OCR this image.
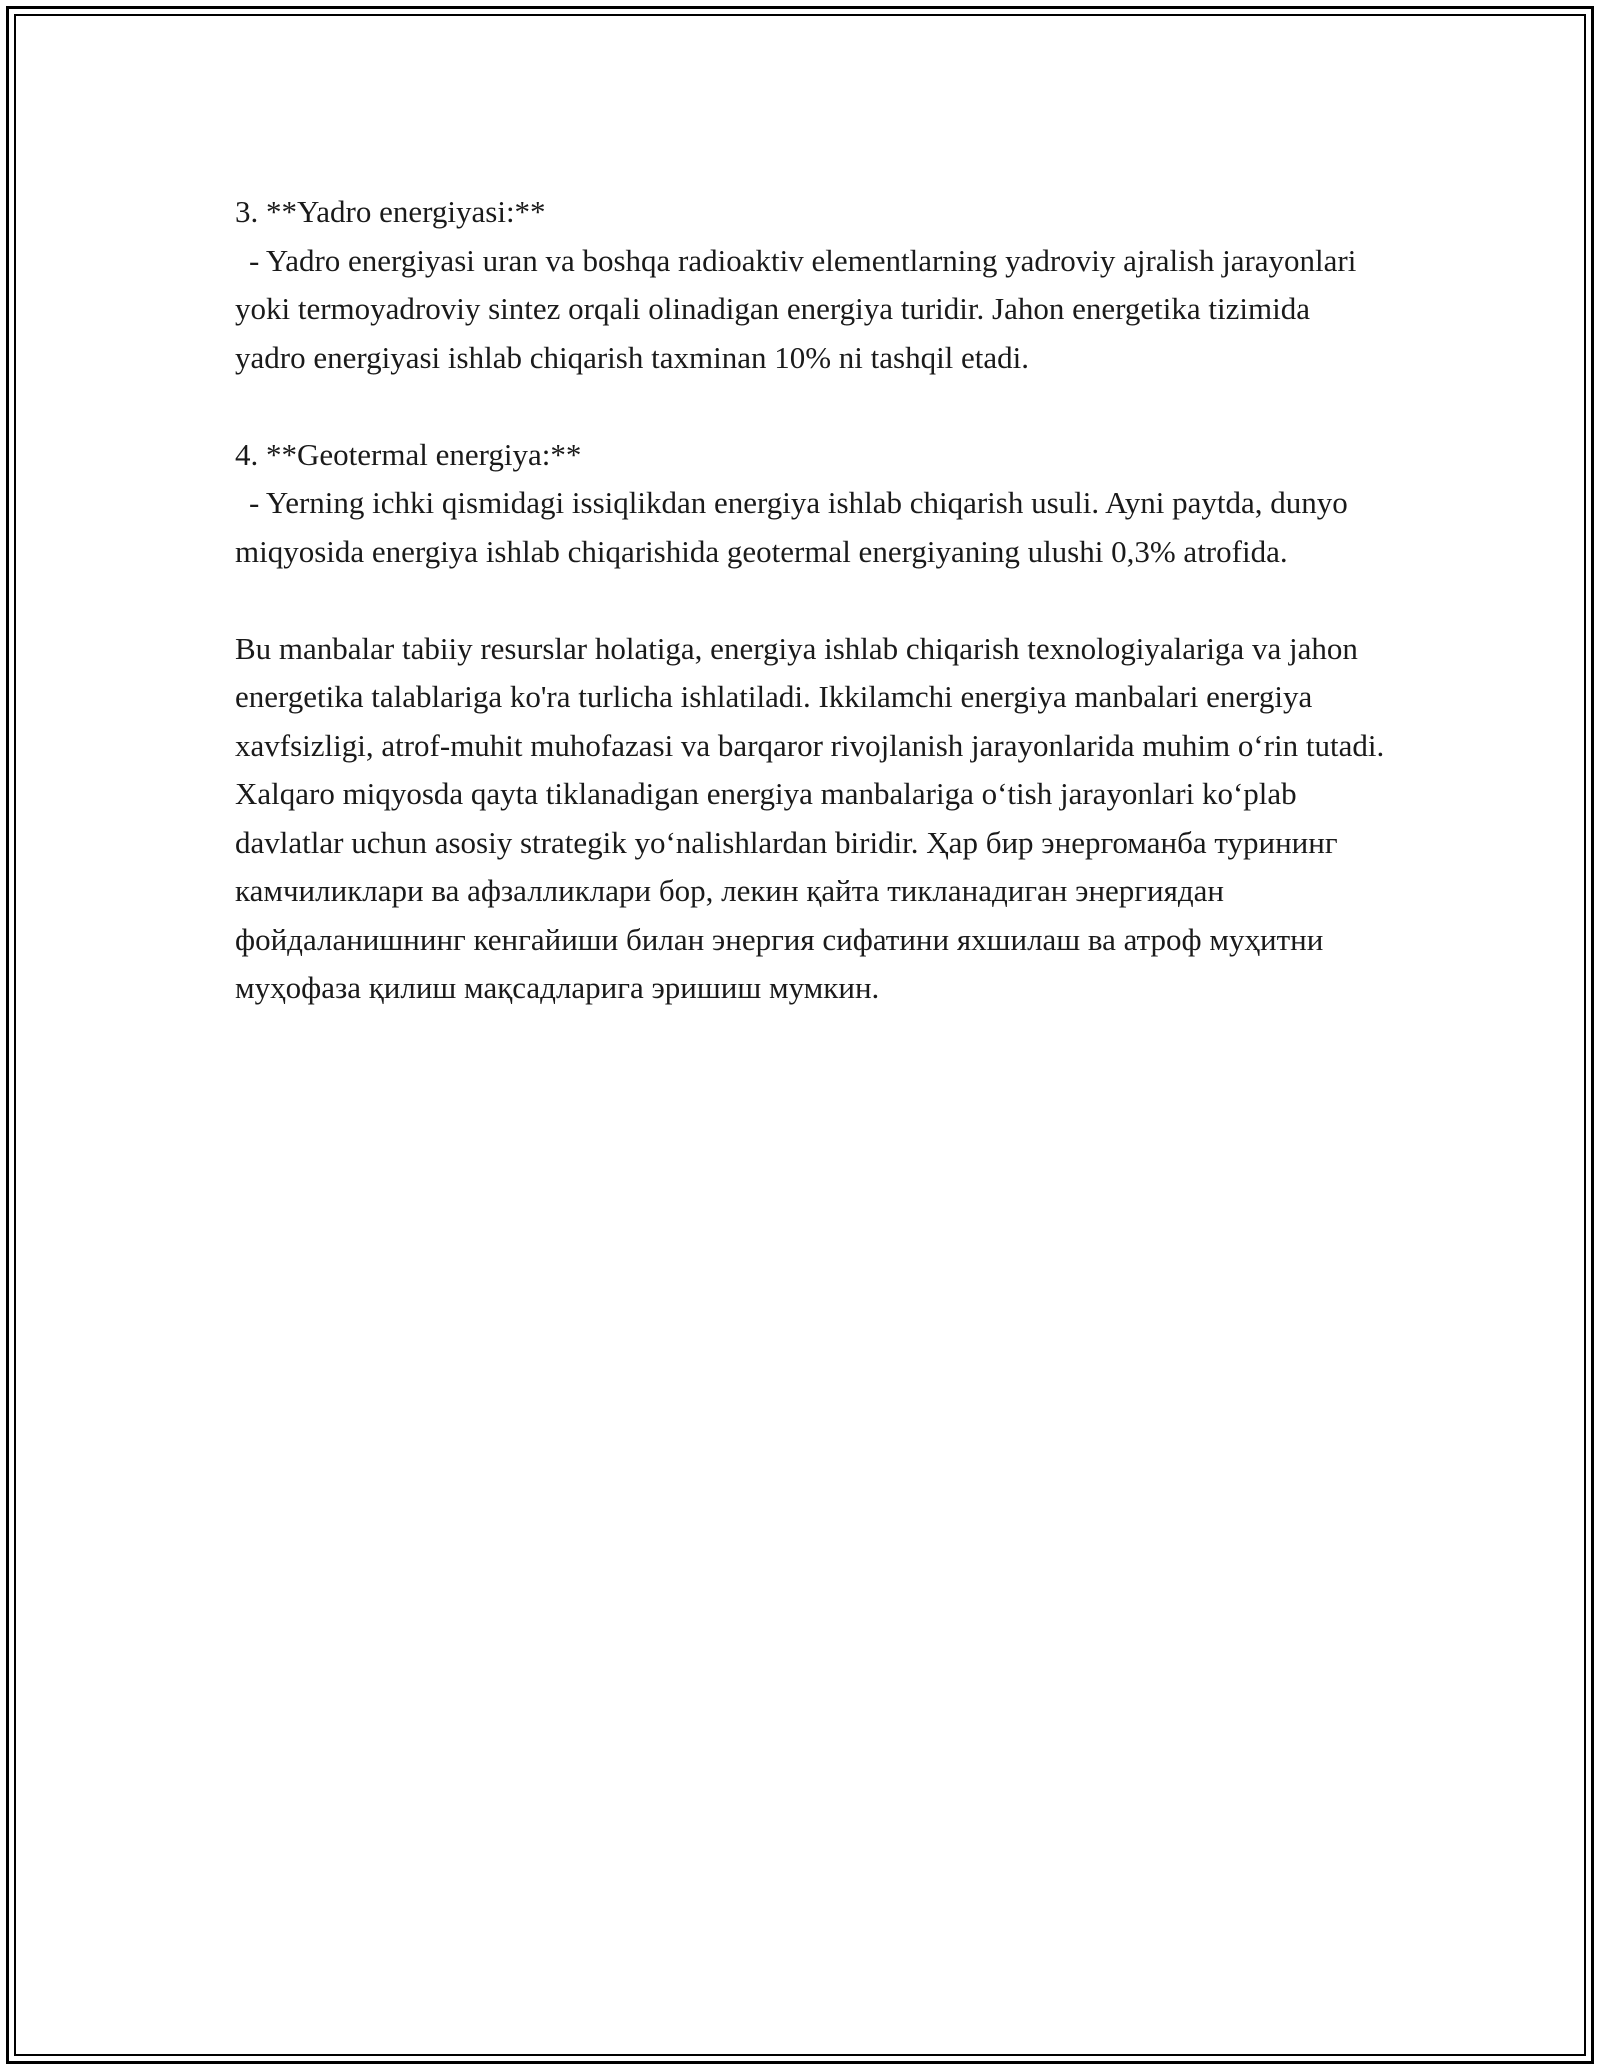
3. **Yadro energiyasi:**

- Yadro energiyasi uran va boshqa radioaktiv elementlarning yadroviy ajralish jarayonlari yoki termoyadroviy sintez orqali olinadigan energiya turidir. Jahon energetika tizimida yadro energiyasi ishlab chiqarish taxminan 10% ni tashqil etadi.

4. **Geotermal energiya:**

- Yerning ichki qismidagi issiqlikdan energiya ishlab chiqarish usuli. Ayni paytda, dunyo miqyosida energiya ishlab chiqarishida geotermal energiyaning ulushi 0,3% atrofida.

Bu manbalar tabiiy resurslar holatiga, energiya ishlab chiqarish texnologiyalariga va jahon energetika talablariga ko'ra turlicha ishlatiladi. Ikkilamchi energiya manbalari energiya xavfsizligi, atrof-muhit muhofazasi va barqaror rivojlanish jarayonlarida muhim oʻrin tutadi. Xalqaro miqyosda qayta tiklanadigan energiya manbalariga oʻtish jarayonlari koʻplab davlatlar uchun asosiy strategik yoʻnalishlardan biridir. Ҳар бир энергоманба турининг камчиликлари ва афзалликлари бор, лекин қайта тикланадиган энергиядан фойдаланишнинг кенгайиши билан энергия сифатини яхшилаш ва атроф муҳитни муҳофаза қилиш мақсадларига эришиш мумкин.
